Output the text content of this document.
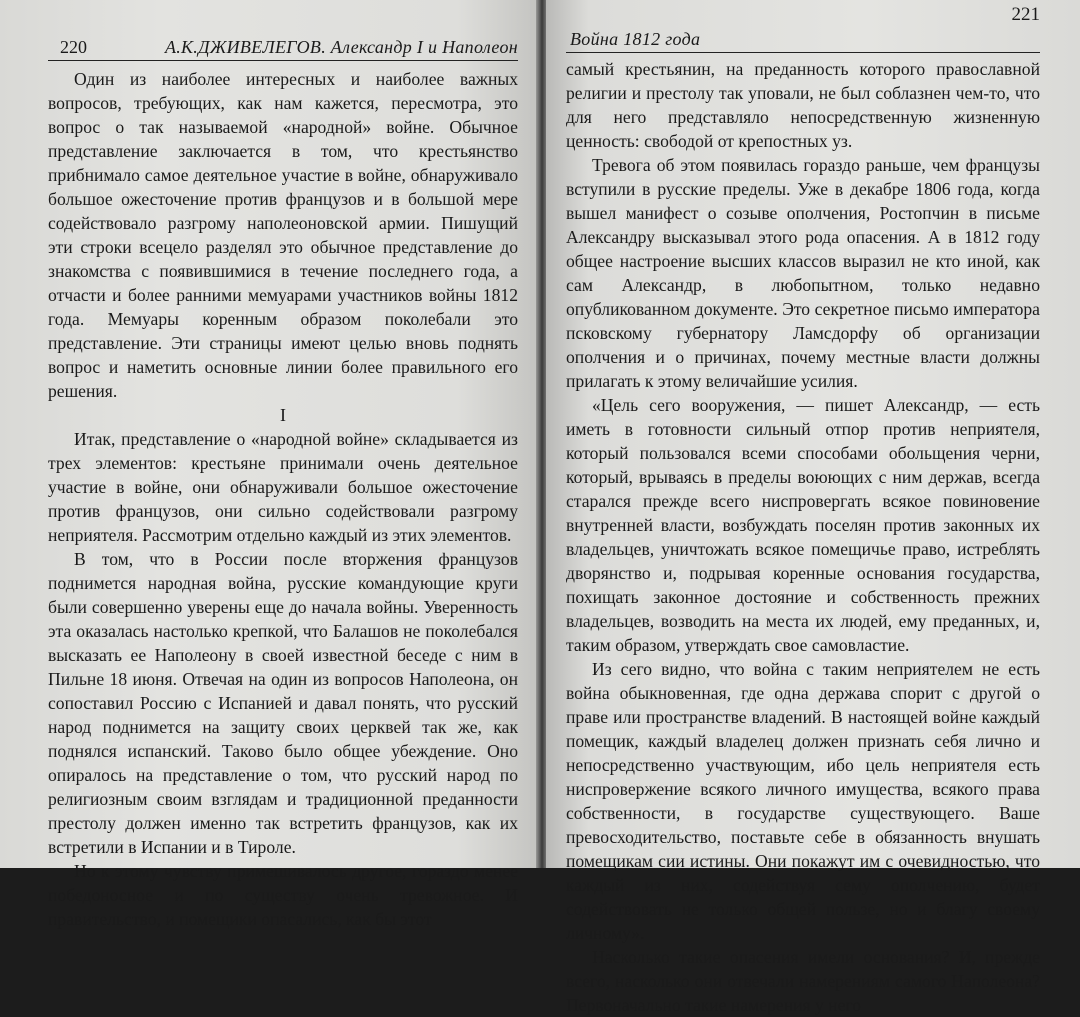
220	А.К.ДЖИВЕЛЕГОВ. Александр I и Наполеон

Один из наиболее интересных и наиболее важных вопросов, требующих, как нам кажется, пересмотра, это вопрос о так называемой «народной» войне. Обычное представление заключается в том, что крестьянство прибнимало самое деятельное участие в войне, обнаруживало большое ожесточение против французов и в большой мере содействовало разгрому наполеоновской армии. Пишущий эти строки всецело разделял это обычное представление до знакомства с появившимися в течение последнего года, а отчасти и более ранними мемуарами участников войны 1812 года. Мемуары коренным образом поколебали это представление. Эти страницы имеют целью вновь поднять вопрос и наметить основные линии более правильного его решения.

I

Итак, представление о «народной войне» складывается из трех элементов: крестьяне принимали очень деятельное участие в войне, они обнаруживали большое ожесточение против французов, они сильно содействовали разгрому неприятеля. Рассмотрим отдельно каждый из этих элементов.

В том, что в России после вторжения французов поднимется народная война, русские командующие круги были совершенно уверены еще до начала войны. Уверенность эта оказалась настолько крепкой, что Балашов не поколебался высказать ее Наполеону в своей известной беседе с ним в Пильне 18 июня. Отвечая на один из вопросов Наполеона, он сопоставил Россию с Испанией и давал понять, что русский народ поднимется на защиту своих церквей так же, как поднялся испанский. Таково было общее убеждение. Оно опиралось на представление о том, что русский народ по религиозным своим взглядам и традиционной преданности престолу должен именно так встретить французов, как их встретили в Испании и в Тироле.

Но к этому чувству примешивалось другое, гораздо менее победоносное и по существу очень тревожное. И правительство, и помещики опасались, как бы этот

221
Война 1812 года

самый крестьянин, на преданность которого православной религии и престолу так уповали, не был соблазнен чем-то, что для него представляло непосредственную жизненную ценность: свободой от крепостных уз.

Тревога об этом появилась гораздо раньше, чем французы вступили в русские пределы. Уже в декабре 1806 года, когда вышел манифест о созыве ополчения, Ростопчин в письме Александру высказывал этого рода опасения. А в 1812 году общее настроение высших классов выразил не кто иной, как сам Александр, в любопытном, только недавно опубликованном документе. Это секретное письмо императора псковскому губернатору Ламсдорфу об организации ополчения и о причинах, почему местные власти должны прилагать к этому величайшие усилия.

«Цель сего вооружения, — пишет Александр, — есть иметь в готовности сильный отпор против неприятеля, который пользовался всеми способами обольщения черни, который, врываясь в пределы воюющих с ним держав, всегда старался прежде всего ниспровергать всякое повиновение внутренней власти, возбуждать поселян против законных их владельцев, уничтожать всякое помещичье право, истреблять дворянство и, подрывая коренные основания государства, похищать законное достояние и собственность прежних владельцев, возводить на места их людей, ему преданных, и, таким образом, утверждать свое самовластие.

Из сего видно, что война с таким неприятелем не есть война обыкновенная, где одна держава спорит с другой о праве или пространстве владений. В настоящей войне каждый помещик, каждый владелец должен признать себя лично и непосредственно участвующим, ибо цель неприятеля есть ниспровержение всякого личного имущества, всякого права собственности, в государстве существующего. Ваше превосходительство, поставьте себе в обязанность внушать помещикам сии истины. Они покажут им с очевидностью, что каждый из них, содействуя сему ополчению, будет содействовать не только общей пользе, но и благу своему личному».

Насколько такие опасения имели основания? И, прежде всего, насколько они отвечали намерениям самого Наполеона? Первоначально такие намерения у него
